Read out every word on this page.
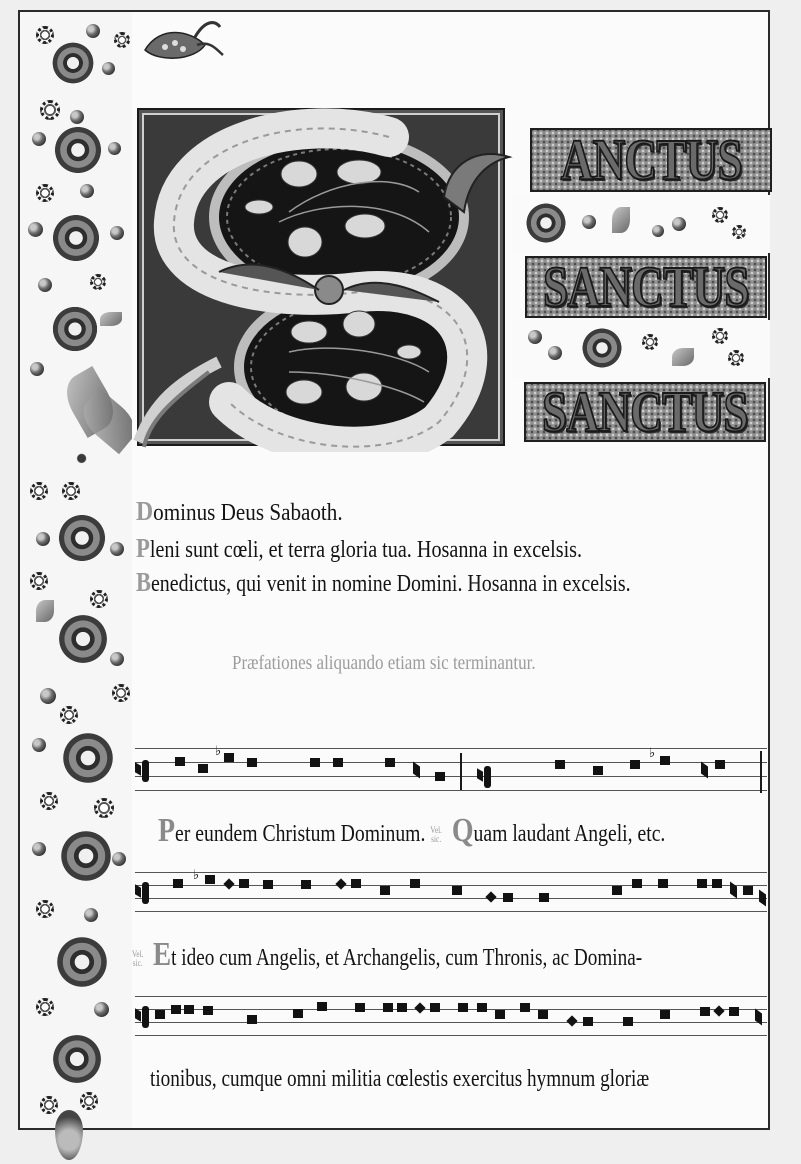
ANCTUS
SANCTUS
SANCTUS
Dominus Deus Sabaoth.
Pleni sunt cœli, et terra gloria tua. Hosanna in excelsis.
Benedictus, qui venit in nomine Domini. Hosanna in excelsis.
Præfationes aliquando etiam sic terminantur.
♭	♭
Per eundem Christum Dominum. Vel.
sic. Quam laudant Angeli, etc.
♭
Vel.
sic. Et ideo cum Angelis, et Archangelis, cum Thronis, ac Domina-
tionibus, cumque omni militia cœlestis exercitus hymnum gloriæ
